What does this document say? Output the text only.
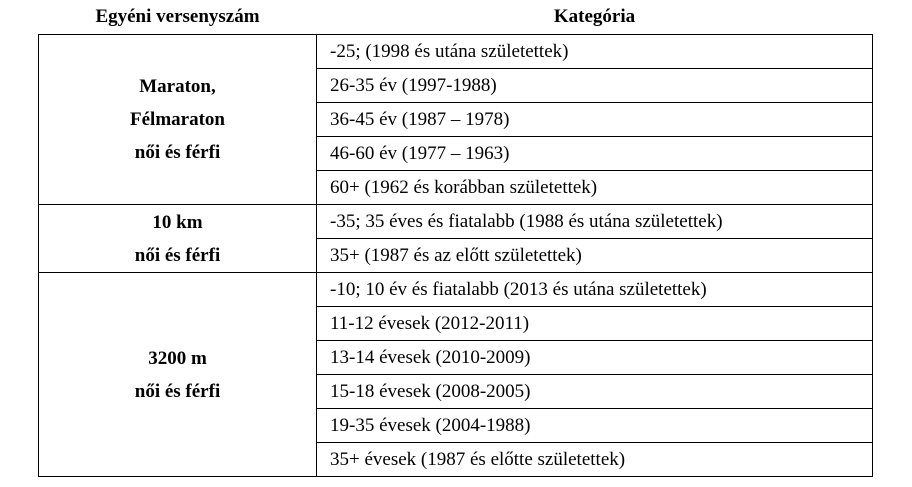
Egyéni versenyszám	Kategória

Maraton,
Félmaraton
női és férfi	-25; (1998 és utána születettek)
	26-35 év (1997-1988)
	36-45 év (1987 – 1978)
	46-60 év (1977 – 1963)
	60+ (1962 és korábban születettek)

10 km
női és férfi	-35; 35 éves és fiatalabb (1988 és utána születettek)
	35+ (1987 és az előtt születettek)

3200 m
női és férfi	-10; 10 év és fiatalabb (2013 és utána születettek)
	11-12 évesek (2012-2011)
	13-14 évesek (2010-2009)
	15-18 évesek (2008-2005)
	19-35 évesek (2004-1988)
	35+ évesek (1987 és előtte születettek)
